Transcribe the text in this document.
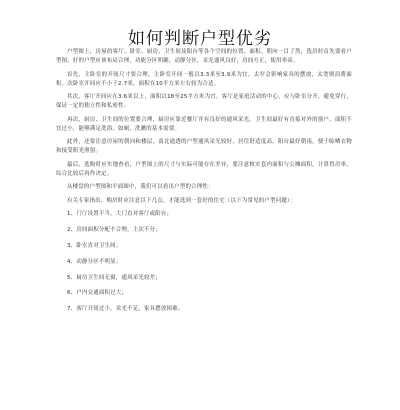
如何判断户型优劣

户型图上，房屋的客厅、卧室、厨房、卫生间及阳台等各个空间的位置、面积、朝向一目了然，选房时首先要看户型图。好的户型应该布局合理，功能分区明确，动静分区，采光通风良好，房间方正，使用率高。

首先，主卧室的开间尺寸要合理，主卧室开间一般以3.3米至3.9米为宜，太窄会影响家具的摆放，太宽则浪费面积。次卧室开间应不小于2.7米，面积在10平方米左右较为合适。

其次，客厅开间应在3.6米以上，面积以18至25平方米为宜。客厅是家庭活动的中心，应与卧室分开，避免穿行，保证一定的独立性和私密性。

再次，厨房、卫生间的位置要合理，厨房应靠近餐厅并有良好的通风采光。卫生间最好有直接对外的窗户，面积不宜过小，能够满足洗浴、如厕、洗漱的基本需要。

此外，还要注意房屋的朝向和楼层，南北通透的户型通风采光较好，居住舒适度高。阳台最好朝南，便于晾晒衣物和接受阳光照射。

最后，选购时应实地查看，户型图上的尺寸与实际可能存在差异，要注意核实套内面积与公摊面积，计算得房率，综合比较后再作决定。

从楼盘的户型图和平面图中，我们可以看出户型的合理性：

有关专家指出，购房时应注意以下几点，才能选到一套好的住宅（以下为常见的户型问题）：

1、门厅设置不当，大门直对客厅或阳台；
2、房间面积分配不合理，主次不分；
3、卧室直对卫生间；
4、动静分区不明显；
5、厨房卫生间无窗，通风采光较差；
6、户内交通面积过大；
7、客厅开间过小，采光不足，家具摆放困难。
